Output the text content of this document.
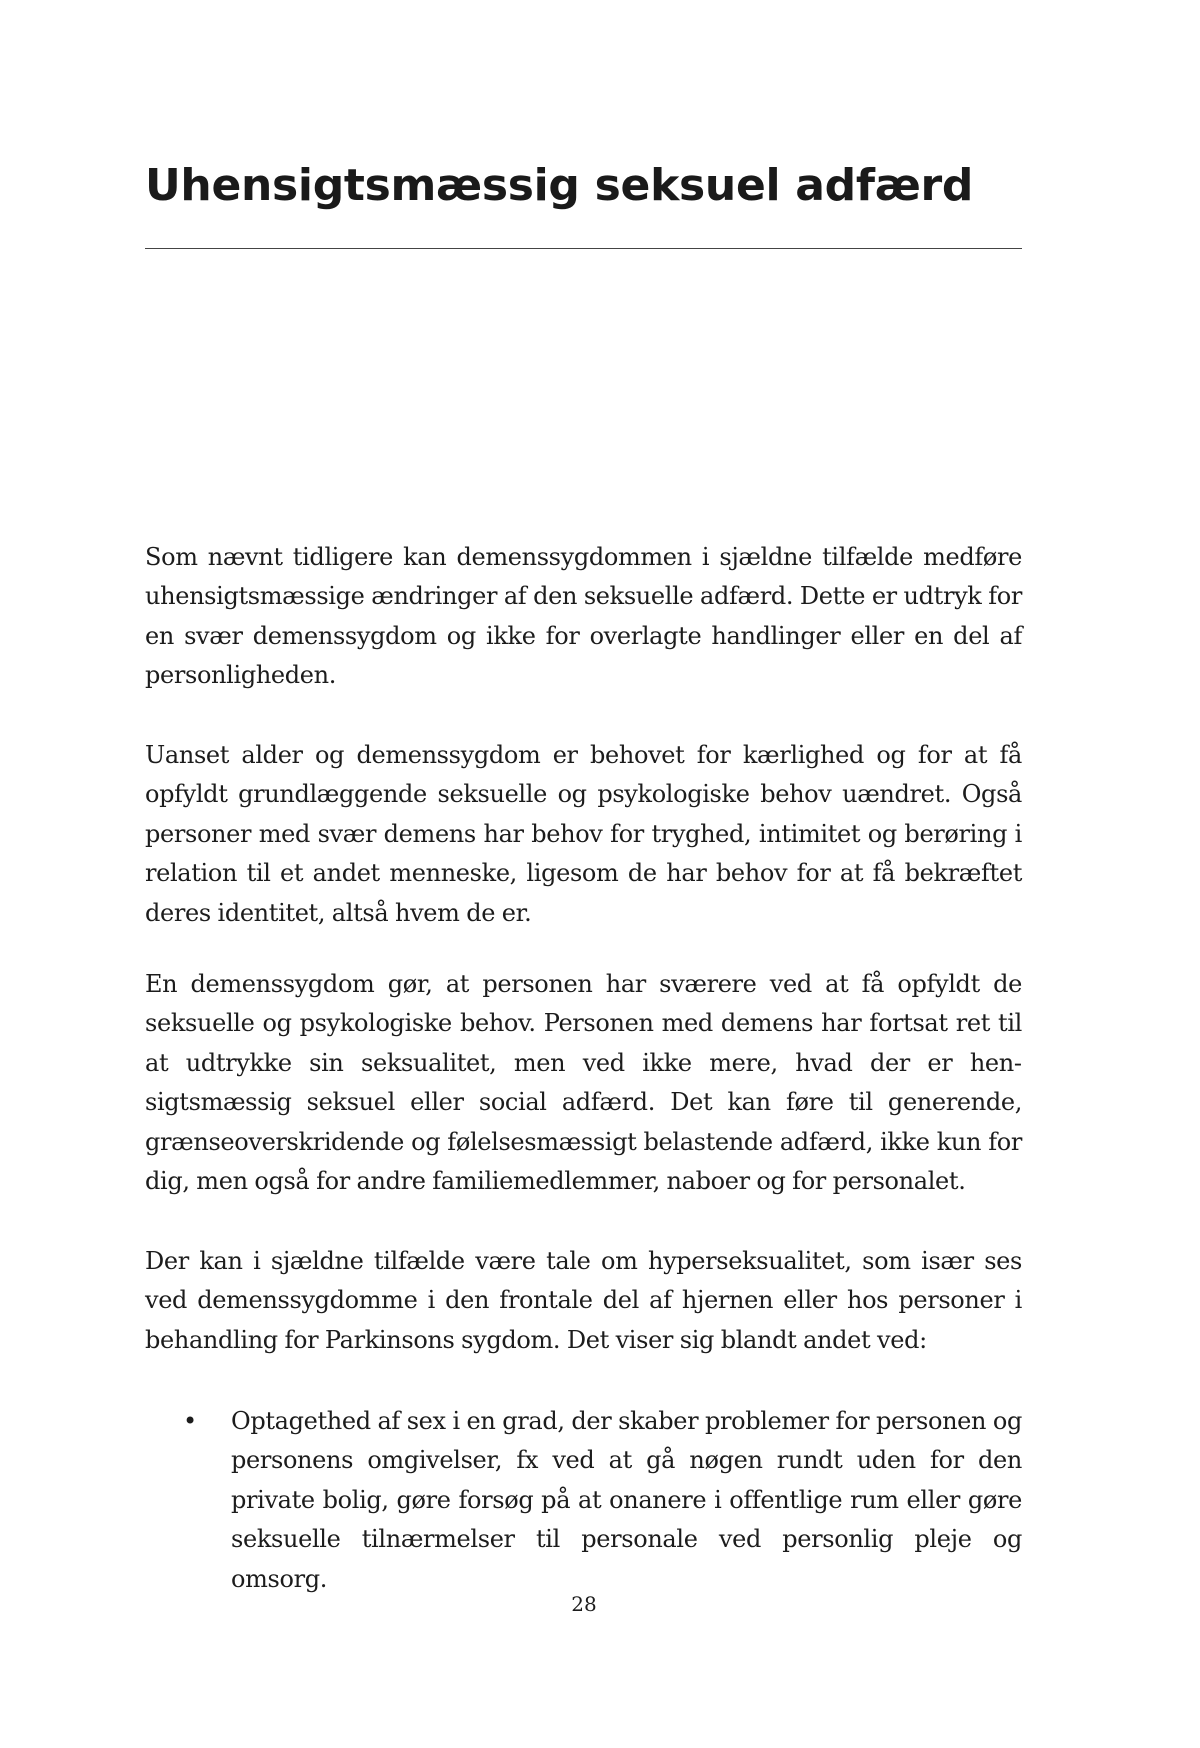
Uhensigtsmæssig seksuel adfærd

Som nævnt tidligere kan demenssygdommen i sjældne tilfælde medføre uhensigtsmæssige ændringer af den seksuelle adfærd. Dette er udtryk for en svær demenssygdom og ikke for overlagte handlinger eller en del af personligheden.

Uanset alder og demenssygdom er behovet for kærlighed og for at få opfyldt grundlæggende seksuelle og psykologiske behov uændret. Også personer med svær demens har behov for tryghed, intimitet og berøring i relation til et andet menneske, ligesom de har behov for at få bekræftet deres identitet, altså hvem de er.

En demenssygdom gør, at personen har sværere ved at få opfyldt de seksuelle og psykologiske behov. Personen med demens har fortsat ret til at udtrykke sin seksualitet, men ved ikke mere, hvad der er hensigtsmæssig seksuel eller social adfærd. Det kan føre til generende, grænseoverskridende og følelsesmæssigt belastende adfærd, ikke kun for dig, men også for andre familiemedlemmer, naboer og for personalet.

Der kan i sjældne tilfælde være tale om hyperseksualitet, som især ses ved demenssygdomme i den frontale del af hjernen eller hos personer i behandling for Parkinsons sygdom. Det viser sig blandt andet ved:

• Optagethed af sex i en grad, der skaber problemer for personen og personens omgivelser, fx ved at gå nøgen rundt uden for den private bolig, gøre forsøg på at onanere i offentlige rum eller gøre seksuelle tilnærmelser til personale ved personlig pleje og omsorg.
28
